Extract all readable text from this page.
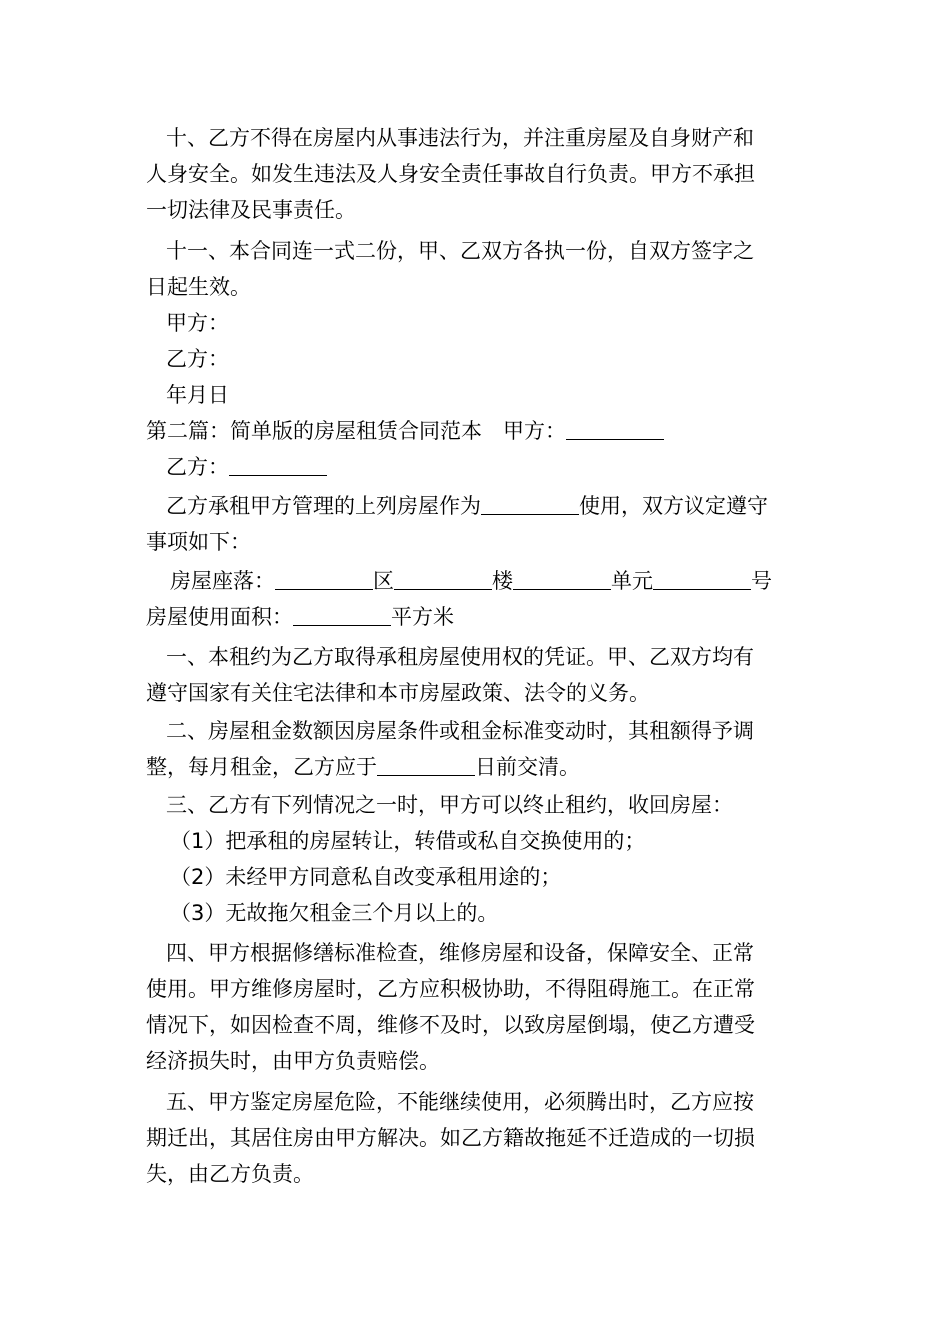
十、乙方不得在房屋内从事违法行为，并注重房屋及自身财产和
人身安全。如发生违法及人身安全责任事故自行负责。甲方不承担
一切法律及民事责任。
十一、本合同连一式二份，甲、乙双方各执一份，自双方签字之
日起生效。
甲方：
乙方：
年月日
第二篇：简单版的房屋租赁合同范本　甲方：
乙方：
乙方承租甲方管理的上列房屋作为	使用，双方议定遵守
事项如下：
房屋座落：	区	楼	单元	号
房屋使用面积：	平方米
一、本租约为乙方取得承租房屋使用权的凭证。甲、乙双方均有
遵守国家有关住宅法律和本市房屋政策、法令的义务。
二、房屋租金数额因房屋条件或租金标准变动时，其租额得予调
整，每月租金，乙方应于	日前交清。
三、乙方有下列情况之一时，甲方可以终止租约，收回房屋：
（1）把承租的房屋转让，转借或私自交换使用的；
（2）未经甲方同意私自改变承租用途的；
（3）无故拖欠租金三个月以上的。
四、甲方根据修缮标准检查，维修房屋和设备，保障安全、正常
使用。甲方维修房屋时，乙方应积极协助，不得阻碍施工。在正常
情况下，如因检查不周，维修不及时，以致房屋倒塌，使乙方遭受
经济损失时，由甲方负责赔偿。
五、甲方鉴定房屋危险，不能继续使用，必须腾出时，乙方应按
期迁出，其居住房由甲方解决。如乙方籍故拖延不迁造成的一切损
失，由乙方负责。
